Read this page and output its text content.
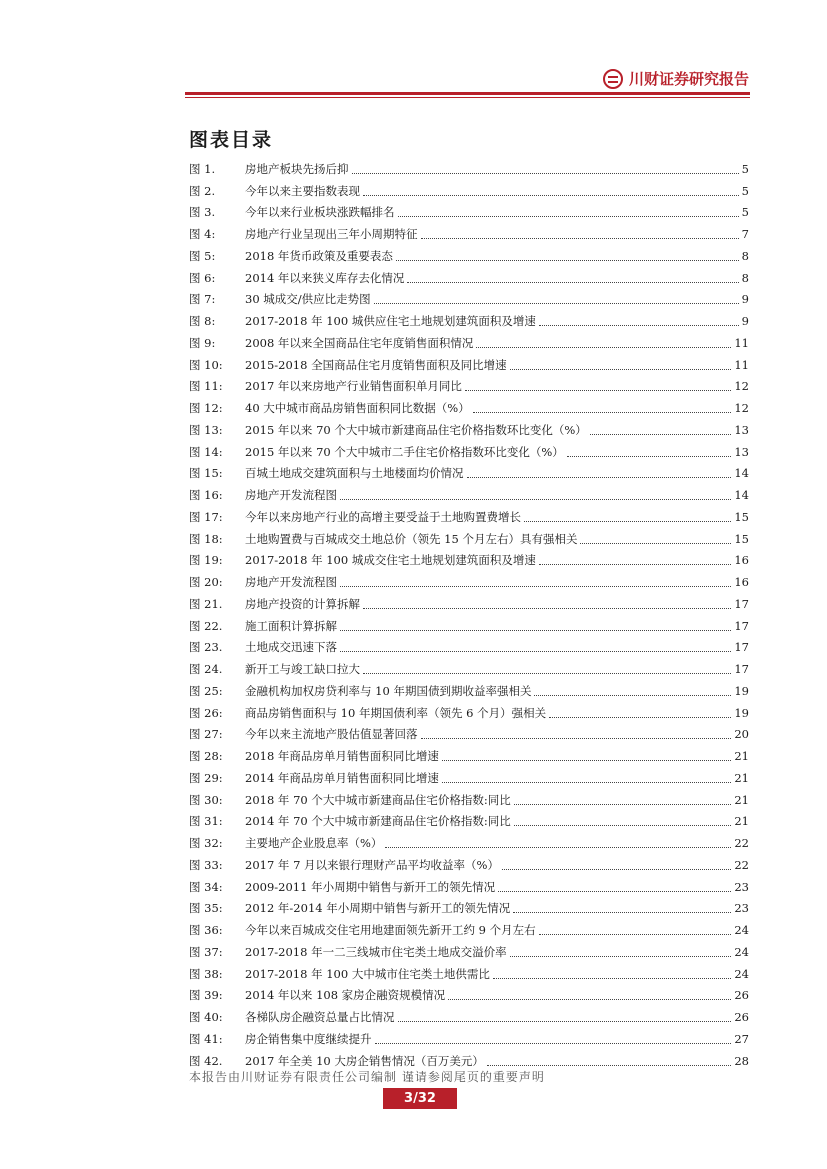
川财证券研究报告
图表目录
图 1.	房地产板块先扬后抑	5
图 2.	今年以来主要指数表现	5
图 3.	今年以来行业板块涨跌幅排名	5
图 4:	房地产行业呈现出三年小周期特征	7
图 5:	2018 年货币政策及重要表态	8
图 6:	2014 年以来狭义库存去化情况	8
图 7:	30 城成交/供应比走势图	9
图 8:	2017-2018 年 100 城供应住宅土地规划建筑面积及增速	9
图 9:	2008 年以来全国商品住宅年度销售面积情况	11
图 10:	2015-2018 全国商品住宅月度销售面积及同比增速	11
图 11:	2017 年以来房地产行业销售面积单月同比	12
图 12:	40 大中城市商品房销售面积同比数据（%）	12
图 13:	2015 年以来 70 个大中城市新建商品住宅价格指数环比变化（%）	13
图 14:	2015 年以来 70 个大中城市二手住宅价格指数环比变化（%）	13
图 15:	百城土地成交建筑面积与土地楼面均价情况	14
图 16:	房地产开发流程图	14
图 17:	今年以来房地产行业的高增主要受益于土地购置费增长	15
图 18:	土地购置费与百城成交土地总价（领先 15 个月左右）具有强相关	15
图 19:	2017-2018 年 100 城成交住宅土地规划建筑面积及增速	16
图 20:	房地产开发流程图	16
图 21.	房地产投资的计算拆解	17
图 22.	施工面积计算拆解	17
图 23.	土地成交迅速下落	17
图 24.	新开工与竣工缺口拉大	17
图 25:	金融机构加权房贷利率与 10 年期国债到期收益率强相关	19
图 26:	商品房销售面积与 10 年期国债利率（领先 6 个月）强相关	19
图 27:	今年以来主流地产股估值显著回落	20
图 28:	2018 年商品房单月销售面积同比增速	21
图 29:	2014 年商品房单月销售面积同比增速	21
图 30:	2018 年 70 个大中城市新建商品住宅价格指数:同比	21
图 31:	2014 年 70 个大中城市新建商品住宅价格指数:同比	21
图 32:	主要地产企业股息率（%）	22
图 33:	2017 年 7 月以来银行理财产品平均收益率（%）	22
图 34:	2009-2011 年小周期中销售与新开工的领先情况	23
图 35:	2012 年-2014 年小周期中销售与新开工的领先情况	23
图 36:	今年以来百城成交住宅用地建面领先新开工约 9 个月左右	24
图 37:	2017-2018 年一二三线城市住宅类土地成交溢价率	24
图 38:	2017-2018 年 100 大中城市住宅类土地供需比	24
图 39:	2014 年以来 108 家房企融资规模情况	26
图 40:	各梯队房企融资总量占比情况	26
图 41:	房企销售集中度继续提升	27
图 42.	2017 年全美 10 大房企销售情况（百万美元）	28
本报告由川财证券有限责任公司编制 谨请参阅尾页的重要声明
3/32
